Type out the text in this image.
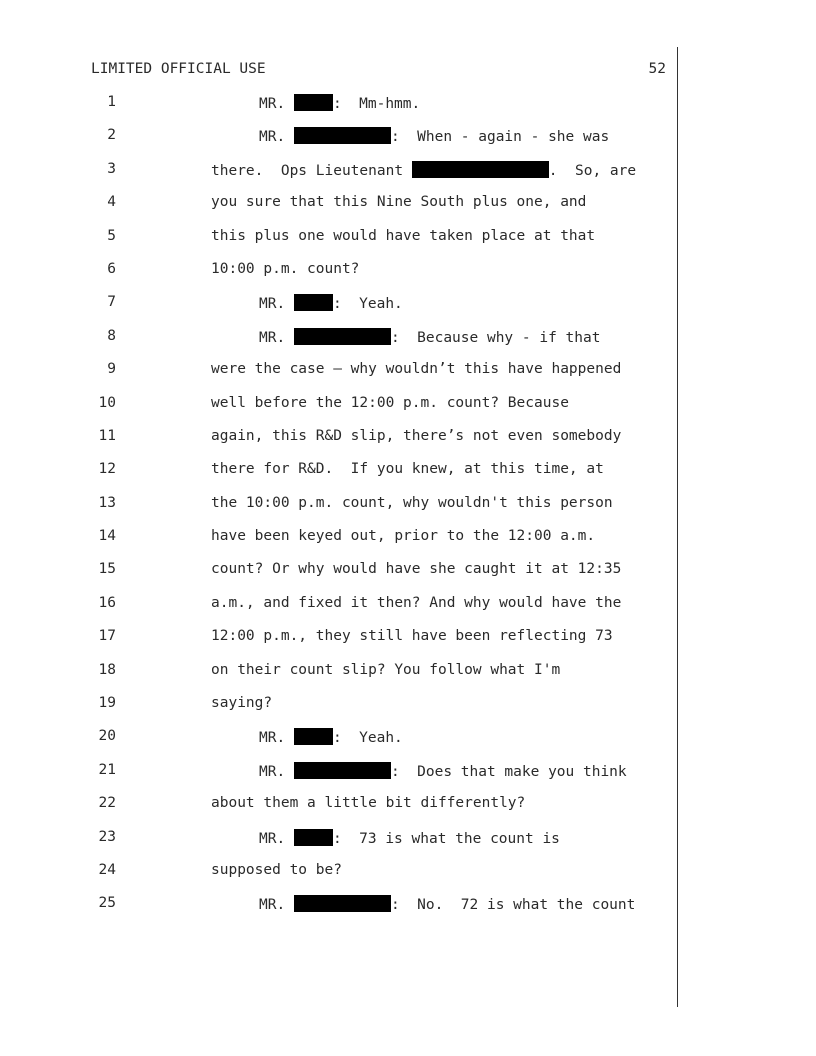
LIMITED OFFICIAL USE	52

1

	MR.	:  Mm-hmm.

2

	MR.	:  When - again - she was

3

	there.  Ops Lieutenant	.  So, are

4

	you sure that this Nine South plus one, and

5

	this plus one would have taken place at that

6

	10:00 p.m. count?

7

	MR.	:  Yeah.

8

	MR.	:  Because why - if that

9

	were the case – why wouldn’t this have happened

10

	well before the 12:00 p.m. count? Because

11

	again, this R&D slip, there’s not even somebody

12

	there for R&D.  If you knew, at this time, at

13

	the 10:00 p.m. count, why wouldn't this person

14

	have been keyed out, prior to the 12:00 a.m.

15

	count? Or why would have she caught it at 12:35

16

	a.m., and fixed it then? And why would have the

17

	12:00 p.m., they still have been reflecting 73

18

	on their count slip? You follow what I'm

19

	saying?

20

	MR.	:  Yeah.

21

	MR.	:  Does that make you think

22

	about them a little bit differently?

23

	MR.	:  73 is what the count is

24

	supposed to be?

25

	MR.	:  No.  72 is what the count
